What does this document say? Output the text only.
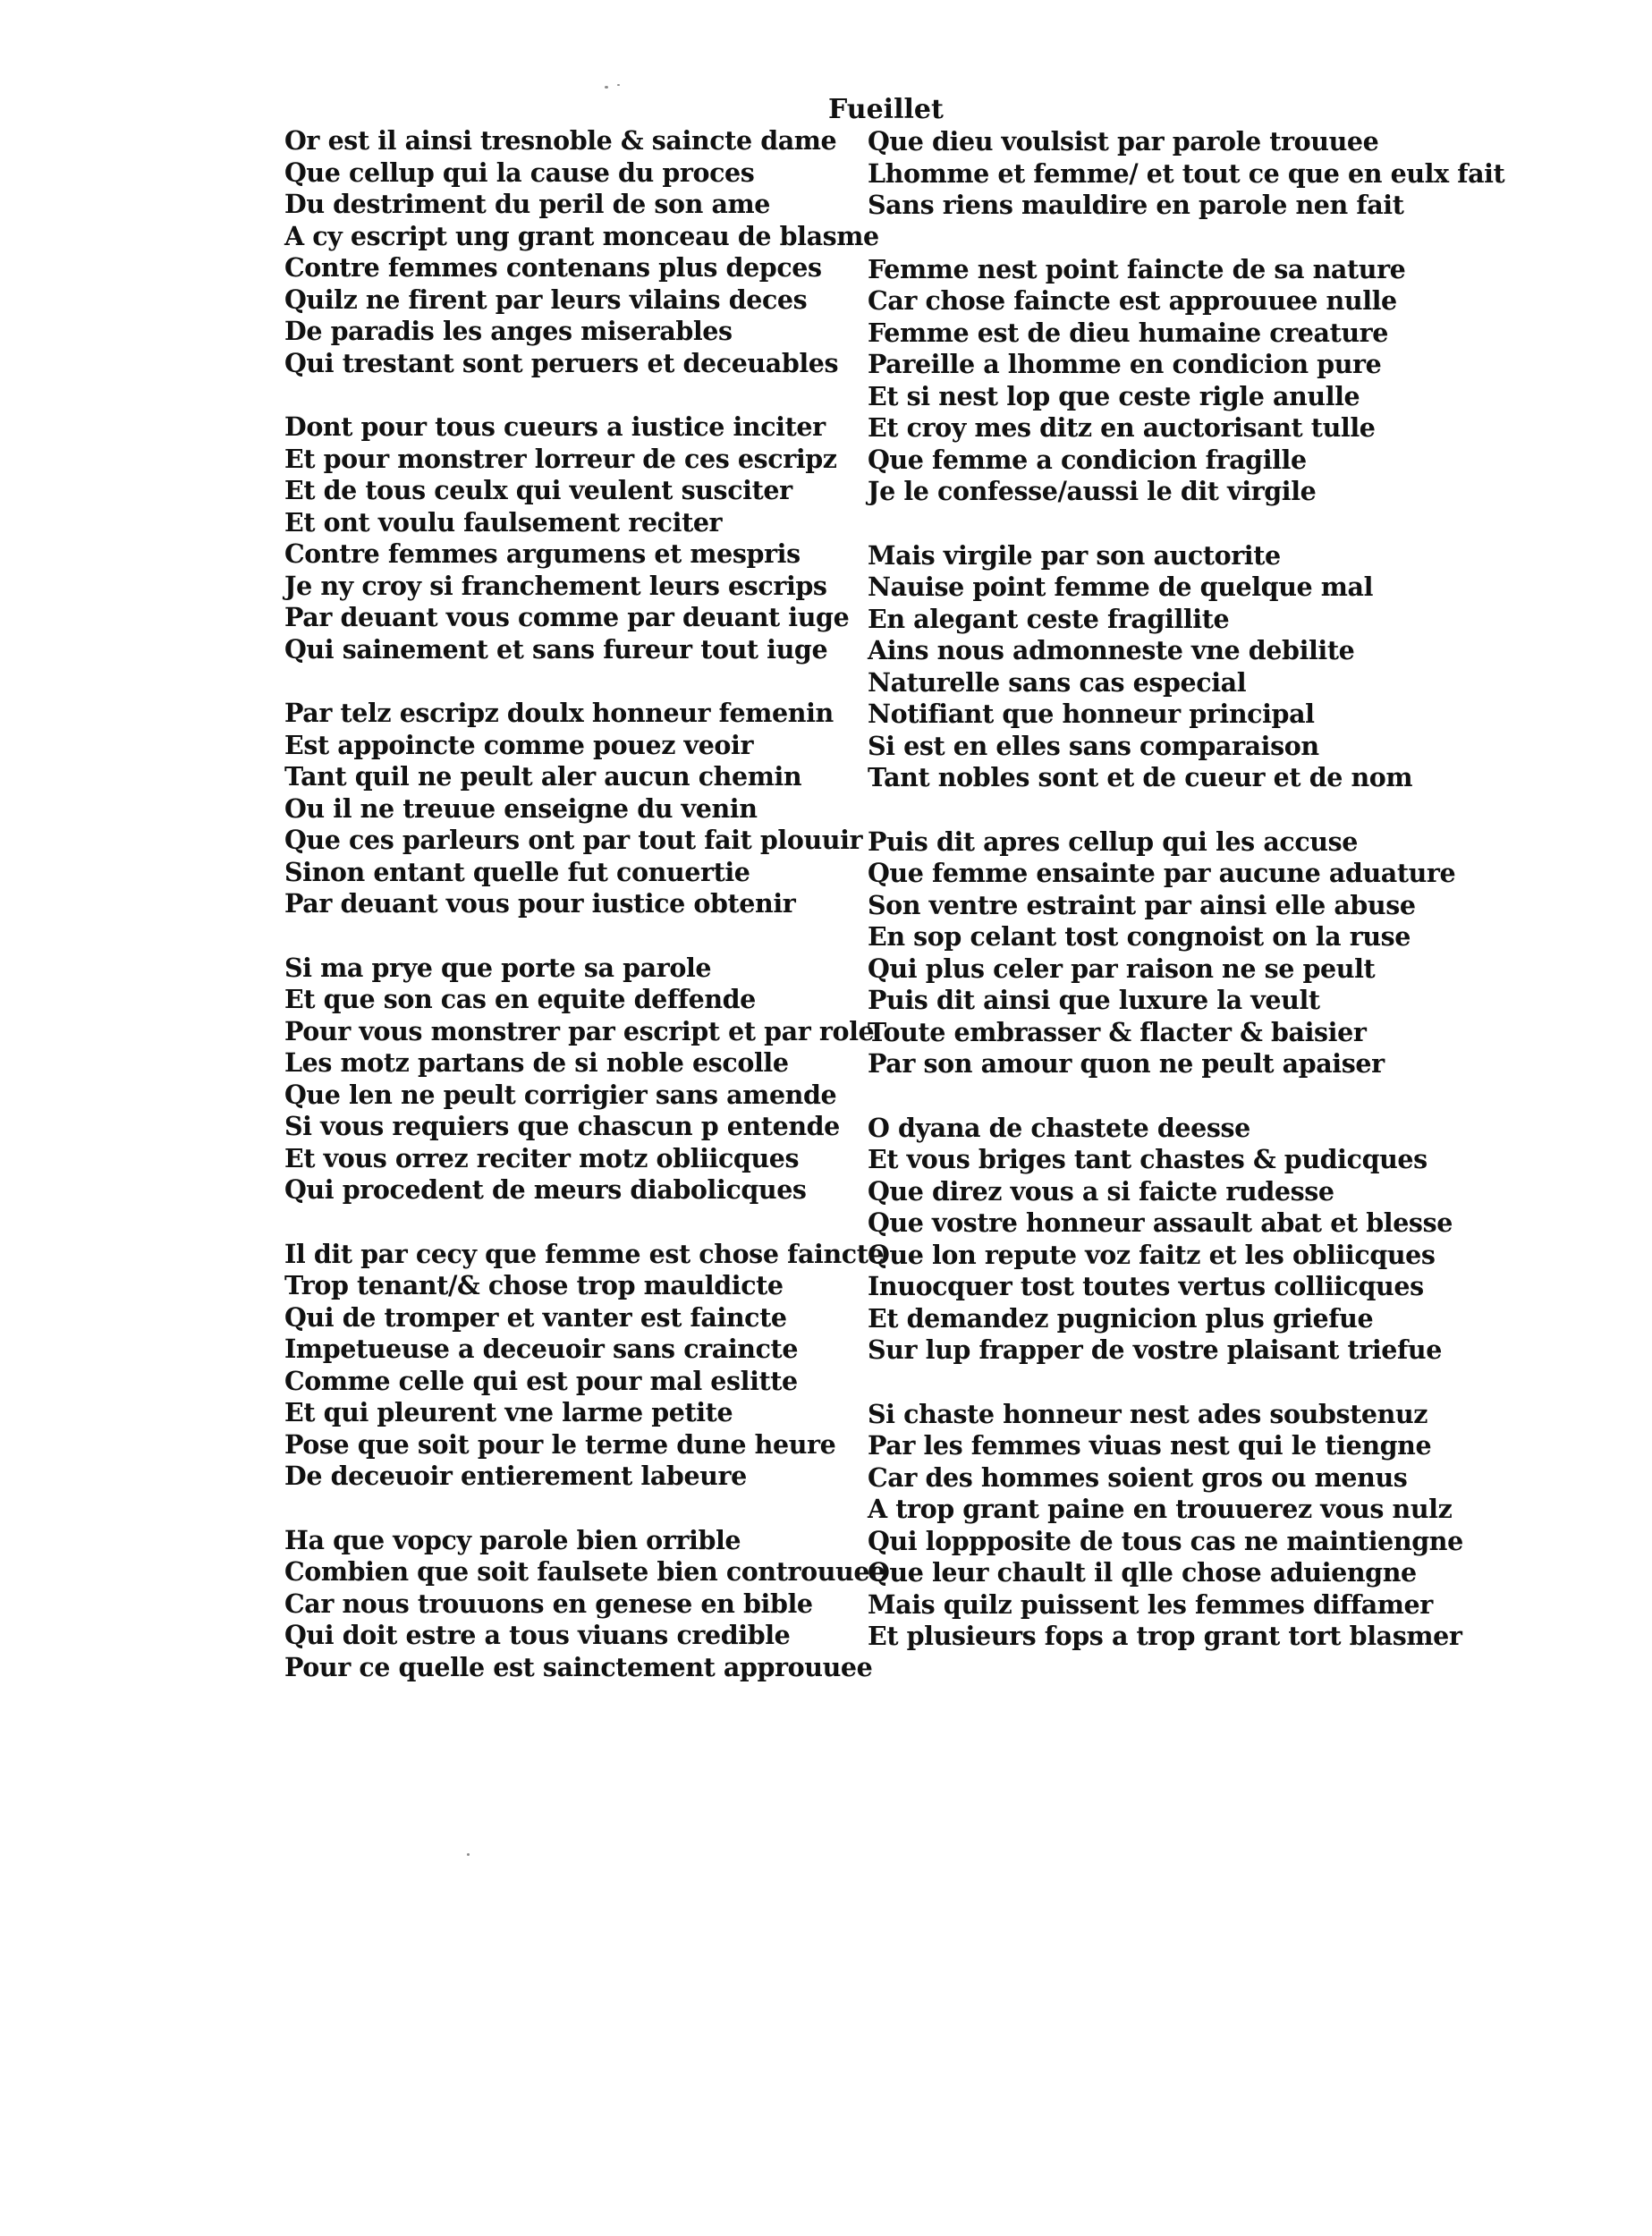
Or est il ainsi tresnoble & saincte dame
Que cellup qui la cause du proces
Du destriment du peril de son ame
A cy escript ung grant monceau de blasme
Contre femmes contenans plus depces
Quilz ne firent par leurs vilains deces
De paradis les anges miserables
Qui trestant sont peruers et deceuables
Dont pour tous cueurs a iustice inciter
Et pour monstrer lorreur de ces escripz
Et de tous ceulx qui veulent susciter
Et ont voulu faulsement reciter
Contre femmes argumens et mespris
Je ny croy si franchement leurs escrips
Par deuant vous comme par deuant iuge
Qui sainement et sans fureur tout iuge
Par telz escripz doulx honneur femenin
Est appoincte comme pouez veoir
Tant quil ne peult aler aucun chemin
Ou il ne treuue enseigne du venin
Que ces parleurs ont par tout fait plouuir
Sinon entant quelle fut conuertie
Par deuant vous pour iustice obtenir
Si ma prye que porte sa parole
Et que son cas en equite deffende
Pour vous monstrer par escript et par role
Les motz partans de si noble escolle
Que len ne peult corrigier sans amende
Si vous requiers que chascun p entende
Et vous orrez reciter motz obliicques
Qui procedent de meurs diabolicques
Il dit par cecy que femme est chose faincte
Trop tenant/& chose trop mauldicte
Qui de tromper et vanter est faincte
Impetueuse a deceuoir sans craincte
Comme celle qui est pour mal eslitte
Et qui pleurent vne larme petite
Pose que soit pour le terme dune heure
De deceuoir entierement labeure
Ha que vopcy parole bien orrible
Combien que soit faulsete bien controuuee
Car nous trouuons en genese en bible
Qui doit estre a tous viuans credible
Pour ce quelle est sainctement approuuee
Fueillet
Que dieu voulsist par parole trouuee
Lhomme et femme/ et tout ce que en eulx fait
Sans riens mauldire en parole nen fait
Femme nest point faincte de sa nature
Car chose faincte est approuuee nulle
Femme est de dieu humaine creature
Pareille a lhomme en condicion pure
Et si nest lop que ceste rigle anulle
Et croy mes ditz en auctorisant tulle
Que femme a condicion fragille
Je le confesse/aussi le dit virgile
Mais virgile par son auctorite
Nauise point femme de quelque mal
En alegant ceste fragillite
Ains nous admonneste vne debilite
Naturelle sans cas especial
Notifiant que honneur principal
Si est en elles sans comparaison
Tant nobles sont et de cueur et de nom
Puis dit apres cellup qui les accuse
Que femme ensainte par aucune aduature
Son ventre estraint par ainsi elle abuse
En sop celant tost congnoist on la ruse
Qui plus celer par raison ne se peult
Puis dit ainsi que luxure la veult
Toute embrasser & flacter & baisier
Par son amour quon ne peult apaiser
O dyana de chastete deesse
Et vous briges tant chastes & pudicques
Que direz vous a si faicte rudesse
Que vostre honneur assault abat et blesse
Que lon repute voz faitz et les obliicques
Inuocquer tost toutes vertus colliicques
Et demandez pugnicion plus griefue
Sur lup frapper de vostre plaisant triefue
Si chaste honneur nest ades soubstenuz
Par les femmes viuas nest qui le tiengne
Car des hommes soient gros ou menus
A trop grant paine en trouuerez vous nulz
Qui loppposite de tous cas ne maintiengne
Que leur chault il qlle chose aduiengne
Mais quilz puissent les femmes diffamer
Et plusieurs fops a trop grant tort blasmer
